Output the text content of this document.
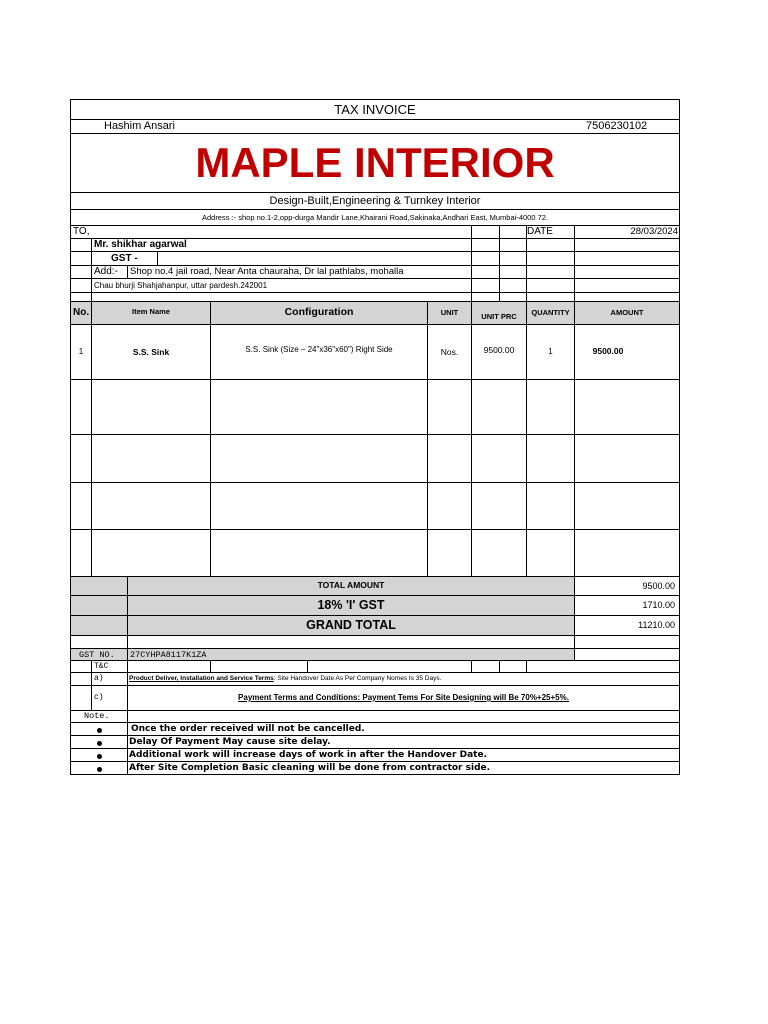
TAX INVOICE
Hashim Ansari	7506230102
MAPLE INTERIOR
Design-Built,Engineering & Turnkey Interior
Address :- shop no.1-2,opp-durga Mandir Lane,Khairani Road,Sakinaka,Andhari East, Mumbai-4000 72.
TO,	DATE	28/03/2024
Mr. shikhar agarwal
GST -
Add:-	Shop no.4 jail road, Near Anta chauraha, Dr lal pathlabs, mohalla
Chau bhurji Shahjahanpur, uttar pardesh.242001
No.	Item Name	Configuration	UNIT	UNIT PRC	QUANTITY	AMOUNT
1	S.S. Sink	S.S. Sink (Size – 24"x36"x60") Right Side	Nos.	9500.00	1	9500.00
TOTAL AMOUNT	9500.00
18% 'I' GST	1710.00
GRAND TOTAL	11210.00
GST NO.	27CYHPA8117K1ZA
T&C
a)	Product Deliver, Installation and Service Terms: Site Handover Date As Per Company Nomes Is 35 Days.
c)	Payment Terms and Conditions: Payment Tems For Site Designing will Be 70%+25+5%.
Note.
Once the order received will not be cancelled.
Delay Of Payment May cause site delay.
Additional work will increase days of work in after the Handover Date.
After Site Completion Basic cleaning will be done from contractor side.
